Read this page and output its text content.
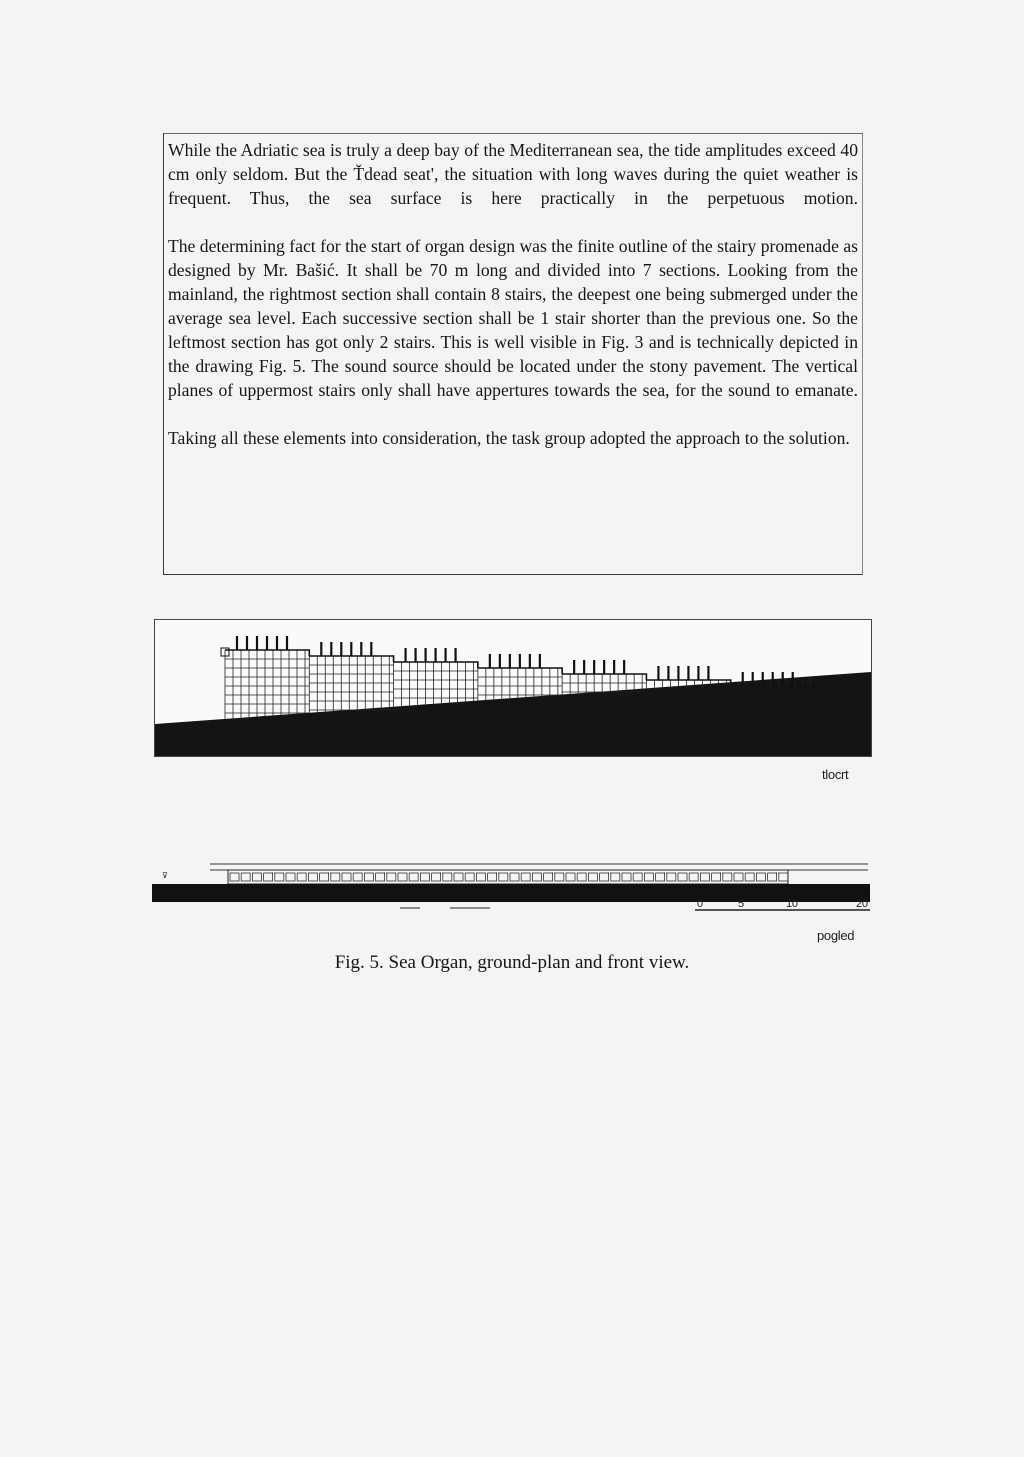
While the Adriatic sea is truly a deep bay of the Mediterranean sea, the tide amplitudes exceed 40 cm only seldom. But the Ťdead seat', the situation with long waves during the quiet weather is frequent. Thus, the sea surface is here practically in the perpetuous motion.

The determining fact for the start of organ design was the finite outline of the stairy promenade as designed by Mr. Bašić. It shall be 70 m long and divided into 7 sections. Looking from the mainland, the rightmost section shall contain 8 stairs, the deepest one being submerged under the average sea level. Each successive section shall be 1 stair shorter than the previous one. So the leftmost section has got only 2 stairs. This is well visible in Fig. 3 and is technically depicted in the drawing Fig. 5. The sound source should be located under the stony pavement. The vertical planes of uppermost stairs only shall have appertures towards the sea, for the sound to emanate.

Taking all these elements into consideration, the task group adopted the approach to the solution.

tlocrt
⊽
0	5	10	20
pogled
Fig. 5. Sea Organ, ground-plan and front view.
